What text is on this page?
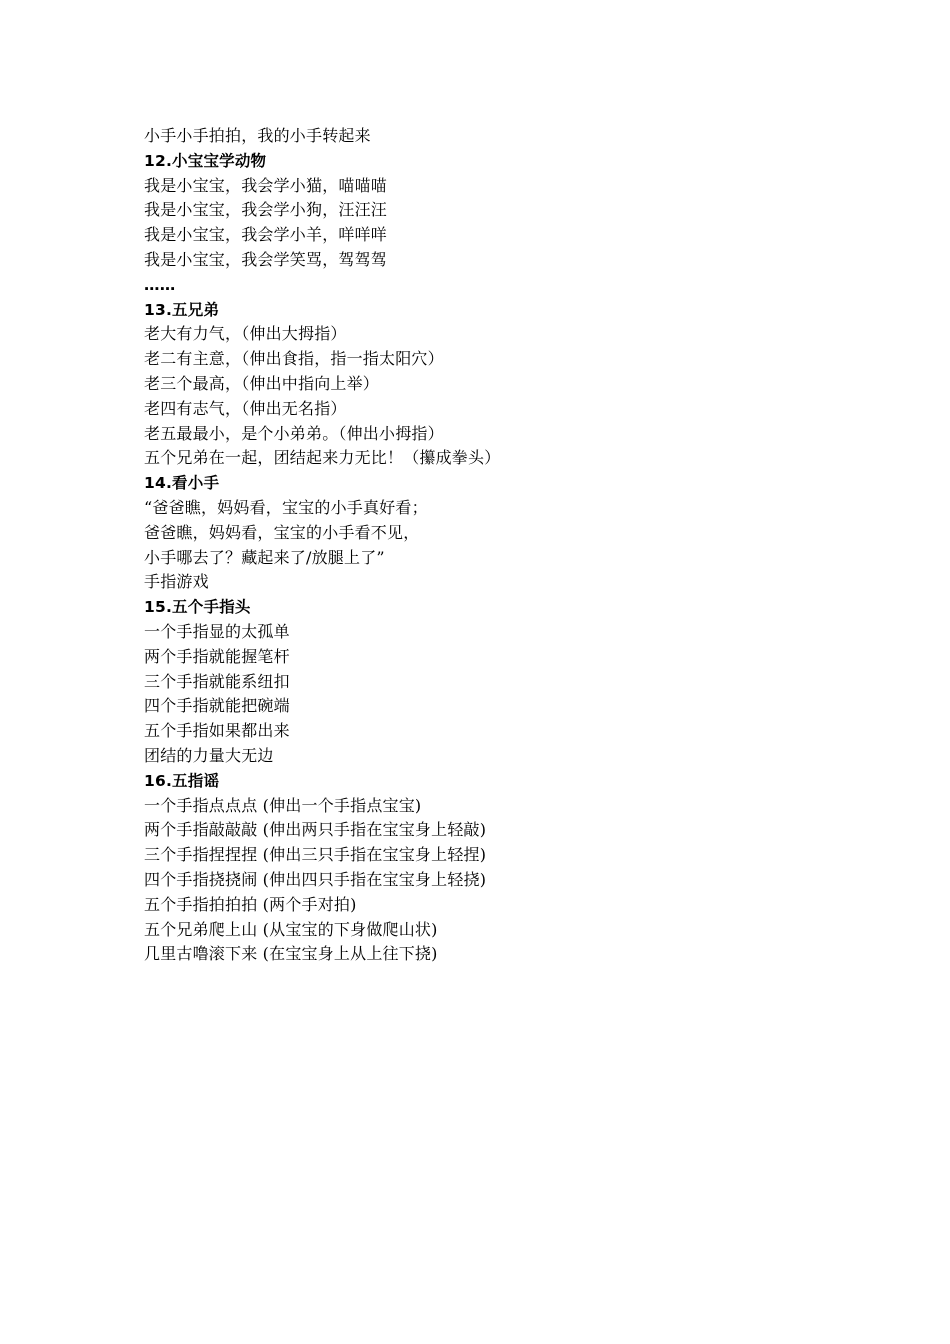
小手小手拍拍，我的小手转起来
12.小宝宝学动物
我是小宝宝，我会学小猫，喵喵喵
我是小宝宝，我会学小狗，汪汪汪
我是小宝宝，我会学小羊，咩咩咩
我是小宝宝，我会学笑骂，驾驾驾
……
13.五兄弟
老大有力气，（伸出大拇指）
老二有主意，（伸出食指，指一指太阳穴）
老三个最高，（伸出中指向上举）
老四有志气，（伸出无名指）
老五最最小，是个小弟弟。（伸出小拇指）
五个兄弟在一起，团结起来力无比！（攥成拳头）
14.看小手
“爸爸瞧，妈妈看，宝宝的小手真好看；
爸爸瞧，妈妈看，宝宝的小手看不见，
小手哪去了？藏起来了/放腿上了”
手指游戏
15.五个手指头
一个手指显的太孤单
两个手指就能握笔杆
三个手指就能系纽扣
四个手指就能把碗端
五个手指如果都出来
团结的力量大无边
16.五指谣
一个手指点点点 (伸出一个手指点宝宝)
两个手指敲敲敲 (伸出两只手指在宝宝身上轻敲)
三个手指捏捏捏 (伸出三只手指在宝宝身上轻捏)
四个手指挠挠闹 (伸出四只手指在宝宝身上轻挠)
五个手指拍拍拍 (两个手对拍)
五个兄弟爬上山 (从宝宝的下身做爬山状)
几里古噜滚下来 (在宝宝身上从上往下挠)
